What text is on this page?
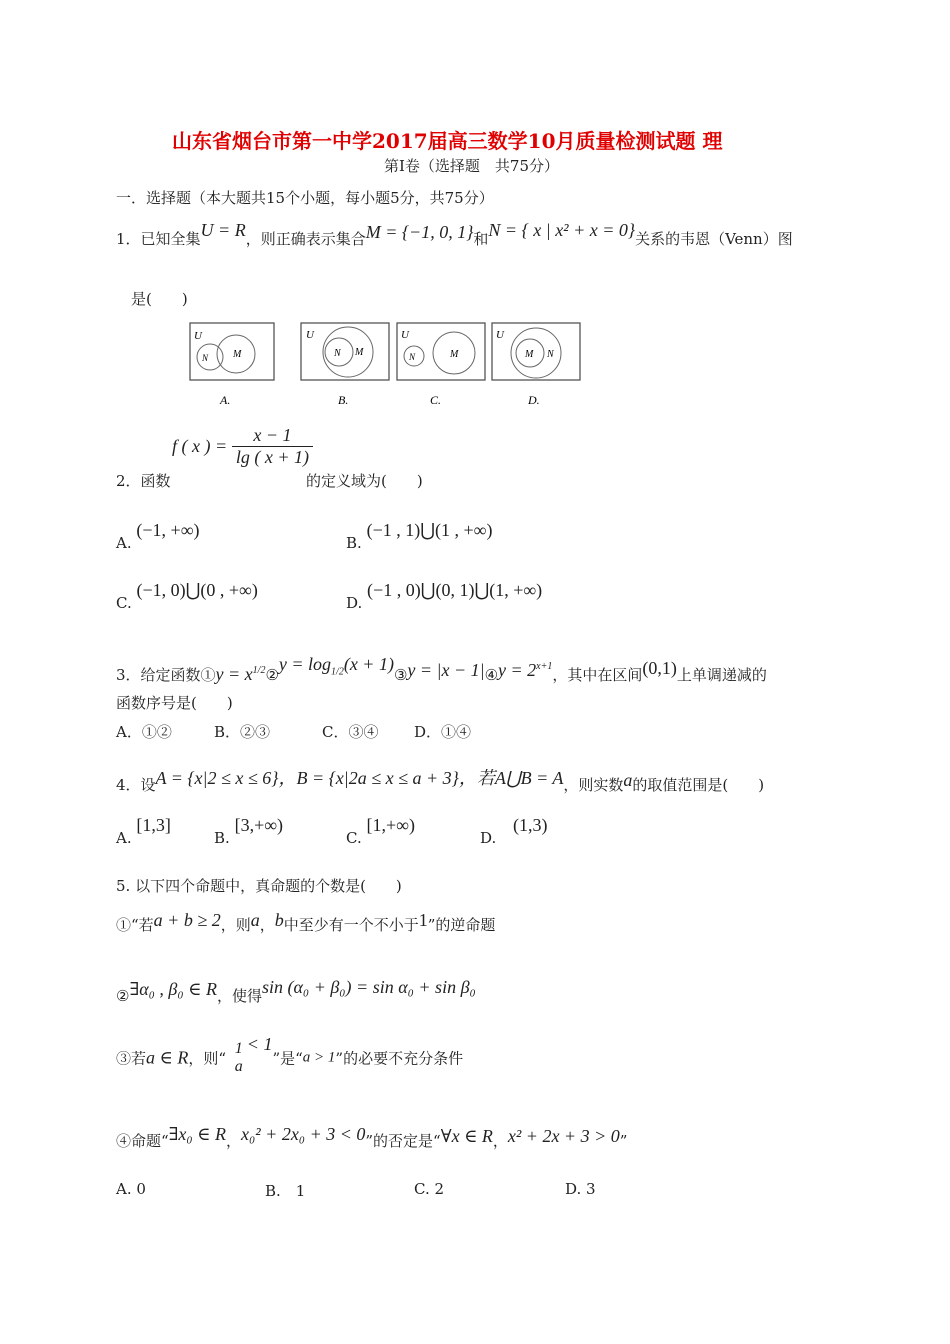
山东省烟台市第一中学2017届高三数学10月质量检测试题 理
第I卷（选择题　共75分）
一．选择题（本大题共15个小题，每小题5分，共75分）
1．已知全集U = R，则正确表示集合M = {−1, 0, 1}和N = { x | x² + x = 0}关系的韦恩（Venn）图
是(　　)
U
N M
A.
U
N M
B.
U
N	M
C.
U
M N
D.
2．函数
f ( x ) = $\frac{x - 1}{\lg ( x + 1)}$
的定义域为(　　)
A. (−1, +∞)
B. (−1 , 1)⋃(1 , +∞)
C. (−1, 0)⋃(0 , +∞)
D. (−1 , 0)⋃(0, 1)⋃(1, +∞)
3．给定函数①y = $x^{1/2}②y = \log_{1/2}(x$ + 1)③y = |x − 1|④y = $2^{x+1}$，其中在区间(0,1)上单调递减的
函数序号是(　　)
A．①②	B．②③	C．③④ D．①④
4．设A = {x|2 ≤ x ≤ 6}，B = {x|2a ≤ x ≤ a + 3}，若A⋃B = A，则实数a的取值范围是(　　)
A. [1,3]
B. [3,+∞)
C. [1,+∞)
D. (1,3)
5. 以下四个命题中，真命题的个数是(　　)
①“若a + b ≥ 2，则a，b中至少有一个不小于1”的逆命题
②∃α₀ , β₀ ∈ R，使得sin (α₀ + β₀) = sin α₀ + sin β₀
③若a ∈ R，则“
1
a
< 1”是“a > 1”的必要不充分条件
④命题“∃x₀ ∈ R，x₀² + 2x₀ + 3 < 0”的否定是“∀x ∈ R，x² + 2x + 3 > 0”
A. 0	B.　1	C. 2	D. 3
